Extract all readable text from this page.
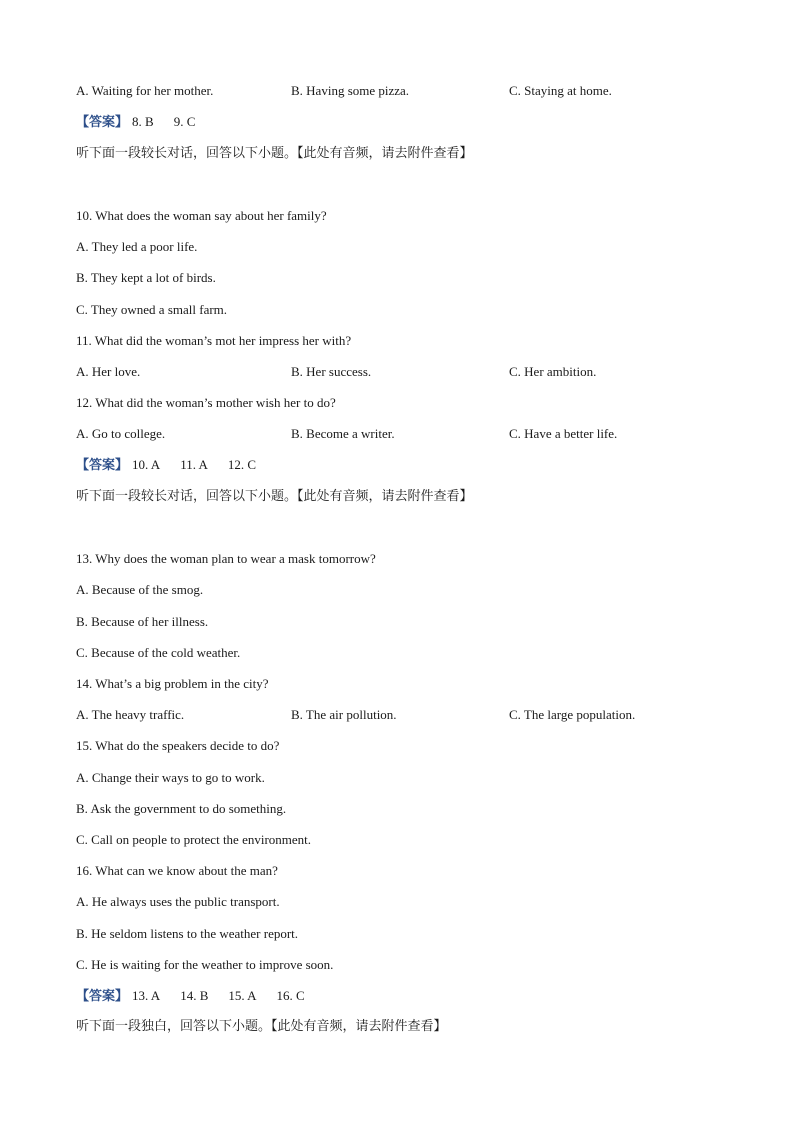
A. Waiting for her mother.	B. Having some pizza.	C. Staying at home.
【答案】 8. B 9. C
听下面一段较长对话，回答以下小题。【此处有音频，请去附件查看】
10. What does the woman say about her family?
A. They led a poor life.
B. They kept a lot of birds.
C. They owned a small farm.
11. What did the woman’s mot her impress her with?
A. Her love.	B. Her success.	C. Her ambition.
12. What did the woman’s mother wish her to do?
A. Go to college.	B. Become a writer.	C. Have a better life.
【答案】 10. A 11. A 12. C
听下面一段较长对话，回答以下小题。【此处有音频，请去附件查看】
13. Why does the woman plan to wear a mask tomorrow?
A. Because of the smog.
B. Because of her illness.
C. Because of the cold weather.
14. What’s a big problem in the city?
A. The heavy traffic.	B. The air pollution.	C. The large population.
15. What do the speakers decide to do?
A. Change their ways to go to work.
B. Ask the government to do something.
C. Call on people to protect the environment.
16. What can we know about the man?
A. He always uses the public transport.
B. He seldom listens to the weather report.
C. He is waiting for the weather to improve soon.
【答案】 13. A 14. B 15. A 16. C
听下面一段独白，回答以下小题。【此处有音频，请去附件查看】
